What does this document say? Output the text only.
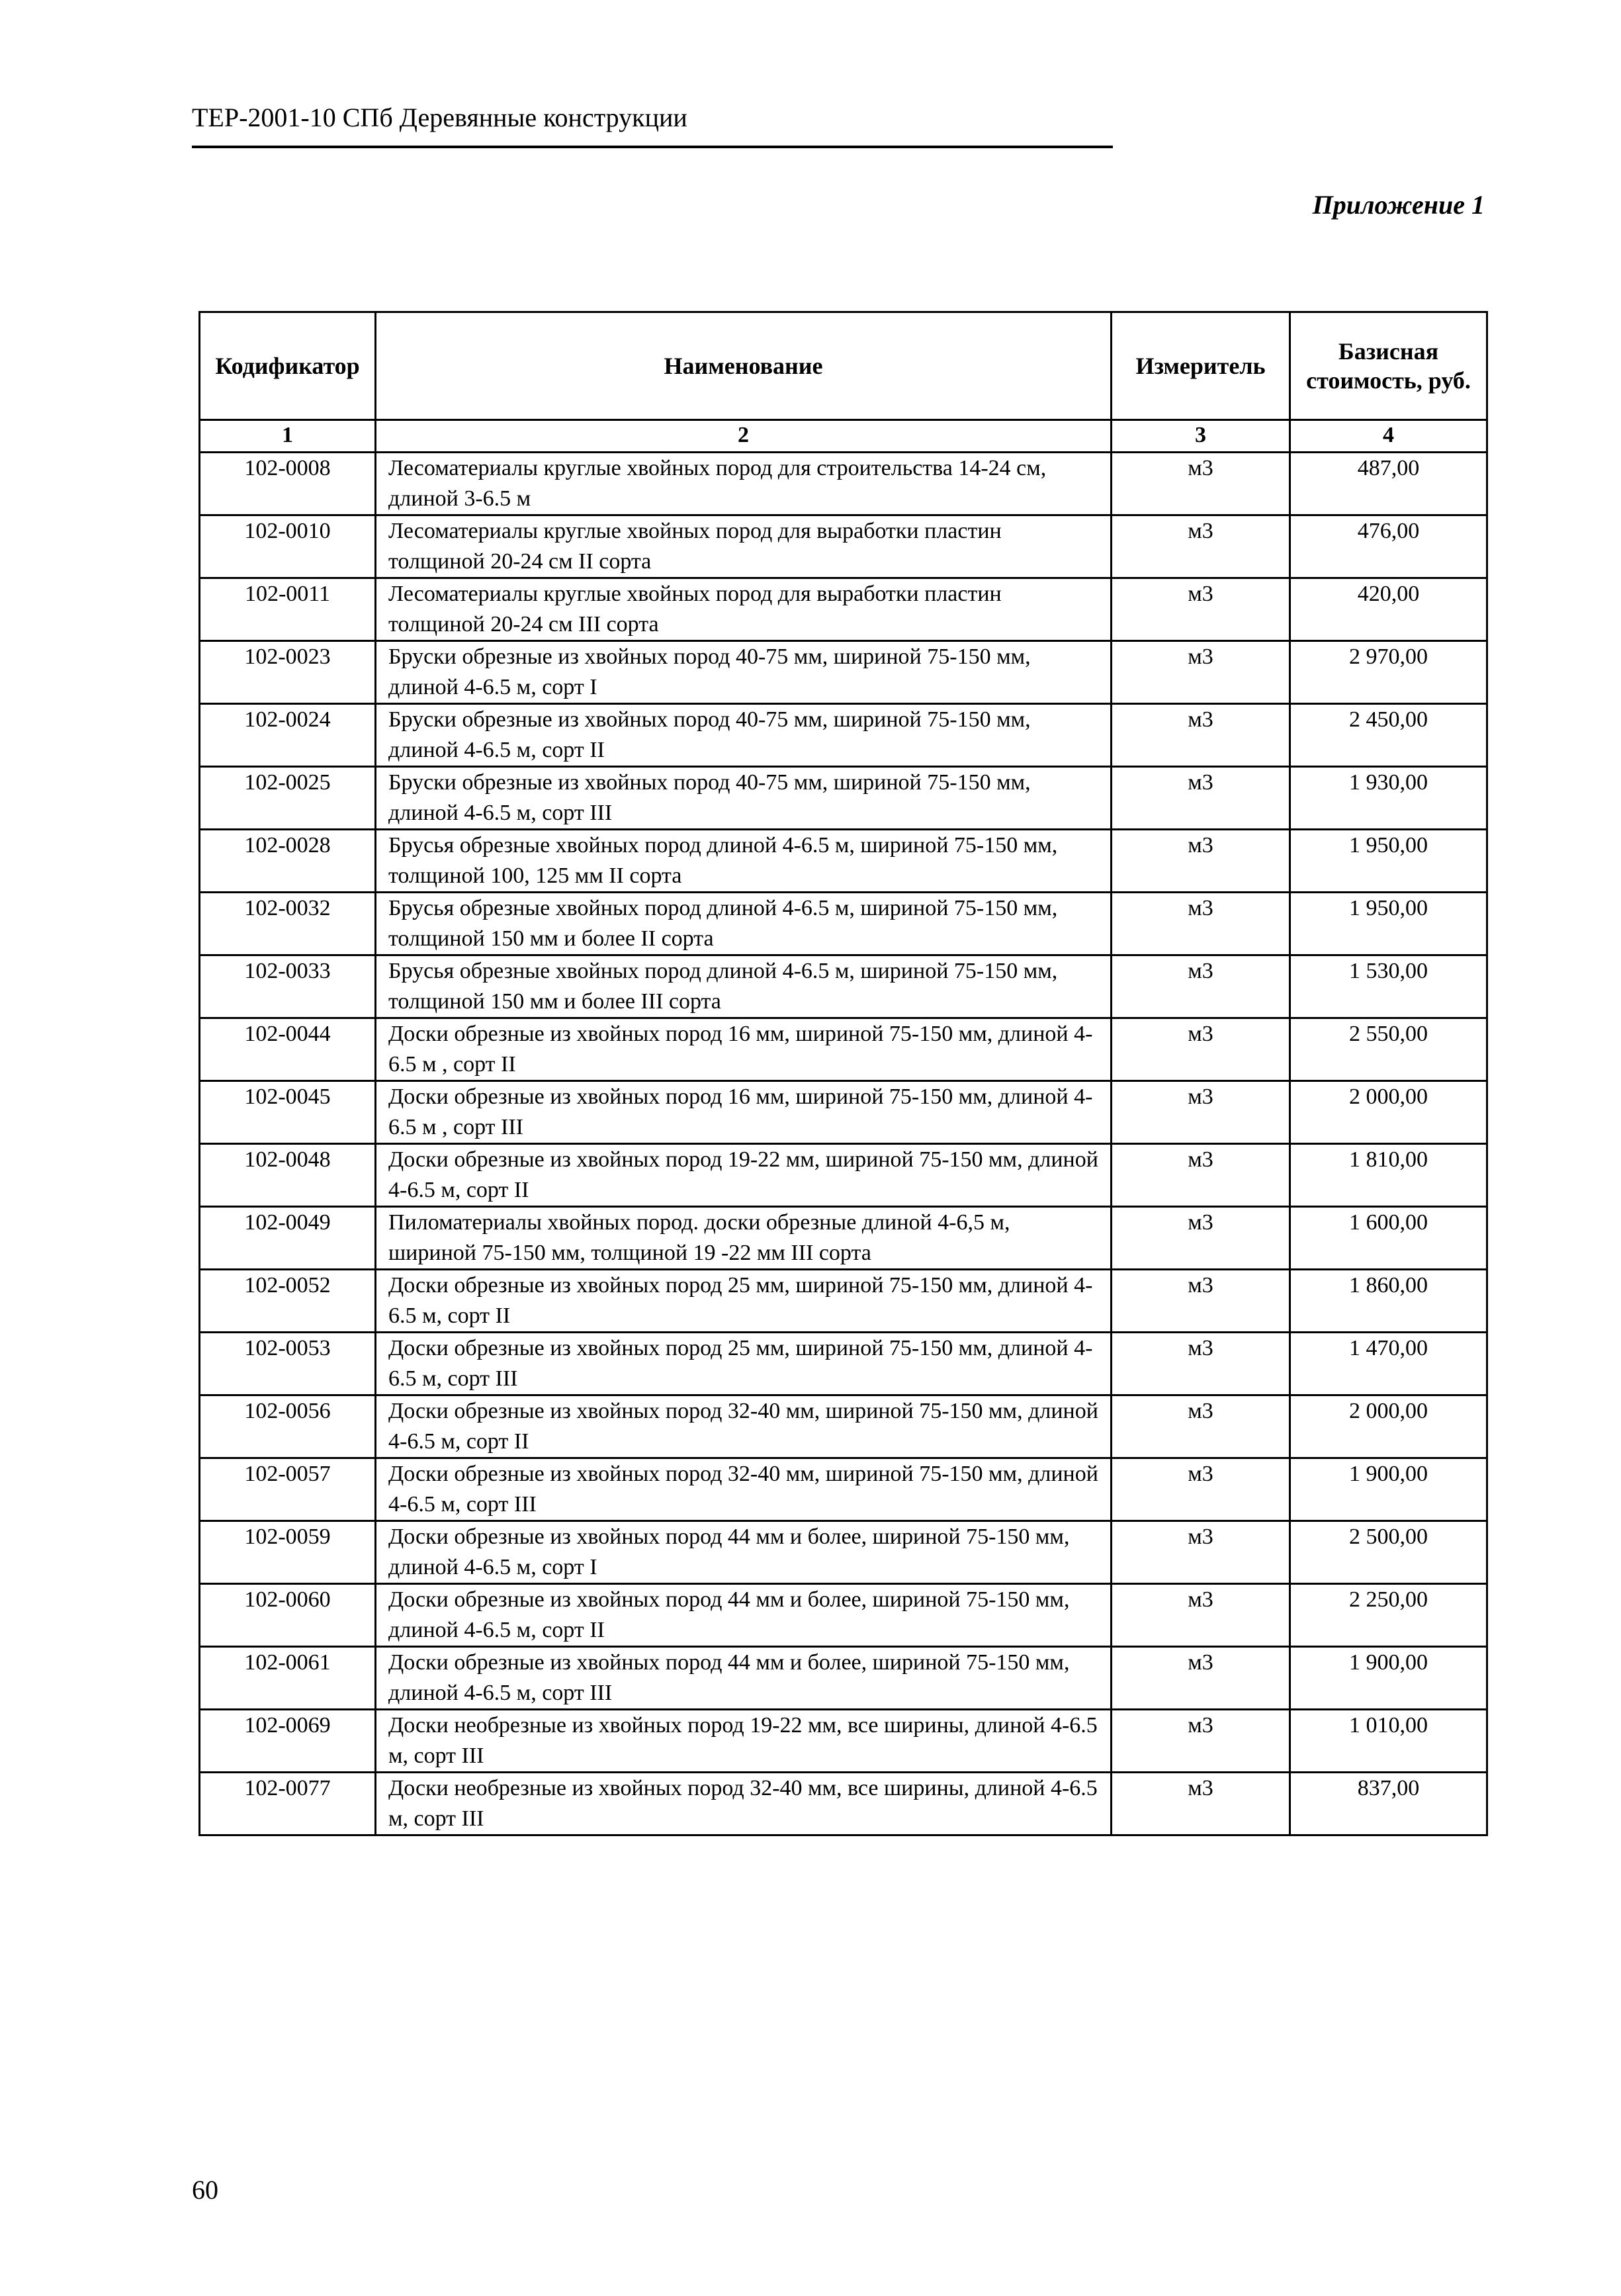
ТЕР-2001-10 СПб Деревянные конструкции
Приложение 1
Кодификатор	Наименование	Измеритель	Базисная стоимость, руб.
1	2	3	4
102-0008	Лесоматериалы круглые хвойных пород для строительства 14-24 см, длиной 3-6.5 м	м3	487,00
102-0010	Лесоматериалы круглые хвойных пород для выработки пластин толщиной 20-24 см II сорта	м3	476,00
102-0011	Лесоматериалы круглые хвойных пород для выработки пластин толщиной 20-24 см III сорта	м3	420,00
102-0023	Бруски обрезные из хвойных пород 40-75 мм, шириной 75-150 мм, длиной 4-6.5 м, сорт I	м3	2 970,00
102-0024	Бруски обрезные из хвойных пород 40-75 мм, шириной 75-150 мм, длиной 4-6.5 м, сорт II	м3	2 450,00
102-0025	Бруски обрезные из хвойных пород 40-75 мм, шириной 75-150 мм, длиной 4-6.5 м, сорт III	м3	1 930,00
102-0028	Брусья обрезные хвойных пород длиной 4-6.5 м, шириной 75-150 мм, толщиной 100, 125 мм II сорта	м3	1 950,00
102-0032	Брусья обрезные хвойных пород длиной 4-6.5 м, шириной 75-150 мм, толщиной 150 мм и более II сорта	м3	1 950,00
102-0033	Брусья обрезные хвойных пород длиной 4-6.5 м, шириной 75-150 мм, толщиной 150 мм и более III сорта	м3	1 530,00
102-0044	Доски обрезные из хвойных пород 16 мм, шириной 75-150 мм, длиной 4-6.5 м , сорт II	м3	2 550,00
102-0045	Доски обрезные из хвойных пород 16 мм, шириной 75-150 мм, длиной 4-6.5 м , сорт III	м3	2 000,00
102-0048	Доски обрезные из хвойных пород 19-22 мм, шириной 75-150 мм, длиной 4-6.5 м, сорт II	м3	1 810,00
102-0049	Пиломатериалы хвойных пород. доски обрезные длиной 4-6,5 м, шириной 75-150 мм, толщиной 19 -22 мм III сорта	м3	1 600,00
102-0052	Доски обрезные из хвойных пород 25 мм, шириной 75-150 мм, длиной 4-6.5 м, сорт II	м3	1 860,00
102-0053	Доски обрезные из хвойных пород 25 мм, шириной 75-150 мм, длиной 4-6.5 м, сорт III	м3	1 470,00
102-0056	Доски обрезные из хвойных пород 32-40 мм, шириной 75-150 мм, длиной 4-6.5 м, сорт II	м3	2 000,00
102-0057	Доски обрезные из хвойных пород 32-40 мм, шириной 75-150 мм, длиной 4-6.5 м, сорт III	м3	1 900,00
102-0059	Доски обрезные из хвойных пород 44 мм и более, шириной 75-150 мм, длиной 4-6.5 м, сорт I	м3	2 500,00
102-0060	Доски обрезные из хвойных пород 44 мм и более, шириной 75-150 мм, длиной 4-6.5 м, сорт II	м3	2 250,00
102-0061	Доски обрезные из хвойных пород 44 мм и более, шириной 75-150 мм, длиной 4-6.5 м, сорт III	м3	1 900,00
102-0069	Доски необрезные из хвойных пород 19-22 мм, все ширины, длиной 4-6.5 м, сорт III	м3	1 010,00
102-0077	Доски необрезные из хвойных пород 32-40 мм, все ширины, длиной 4-6.5 м, сорт III	м3	837,00
60
